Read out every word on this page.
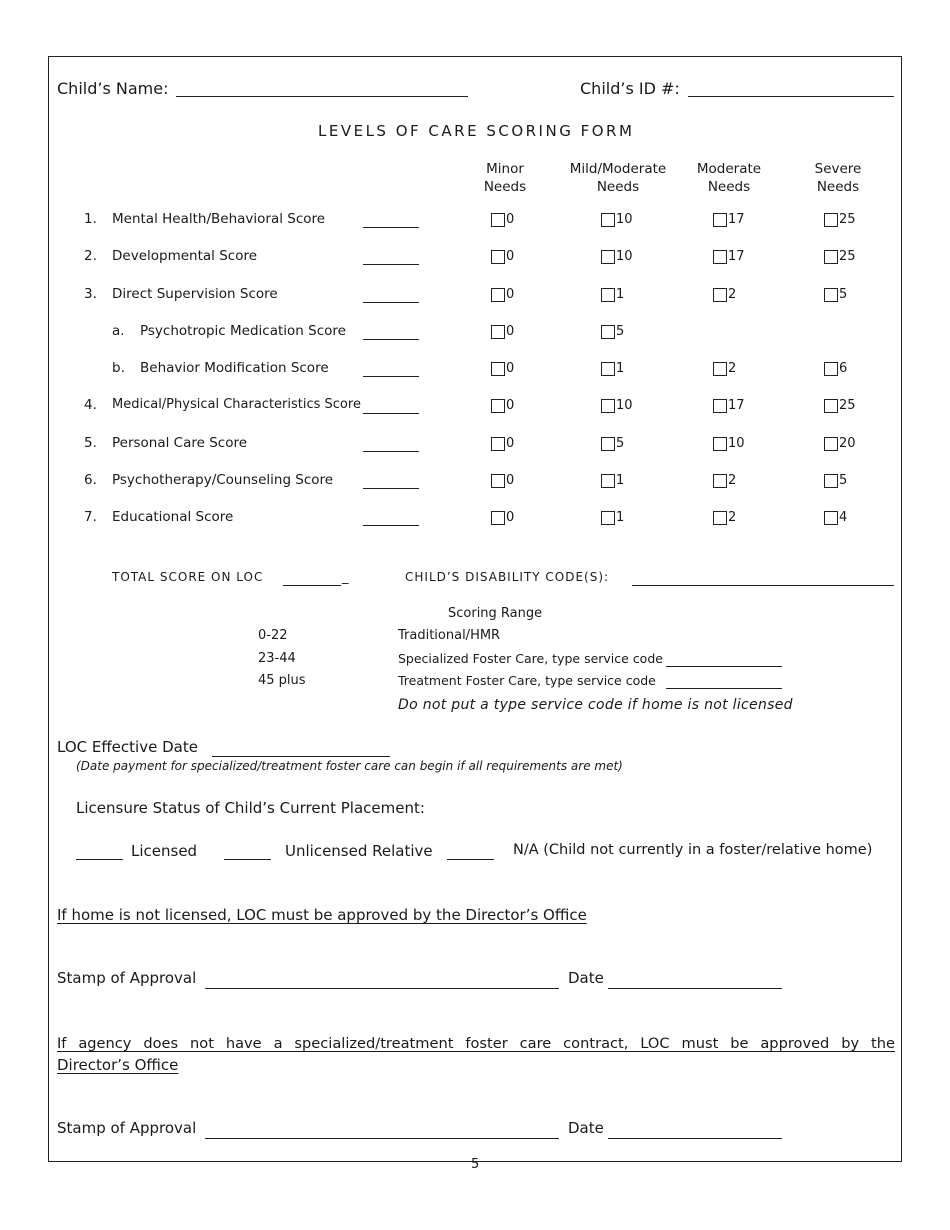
Child’s Name:	Child’s ID #:
LEVELS OF CARE SCORING FORM
Minor
Needs
Mild/Moderate
Needs
Moderate
Needs
Severe
Needs
1. Mental Health/Behavioral Score	0	10	17	25
2. Developmental Score	0	10	17	25
3. Direct Supervision Score	0	1	2	5
a. Psychotropic Medication Score	0	5
b. Behavior Modification Score	0	1	2	6
4. Medical/Physical Characteristics Score	0	10	17	25
5. Personal Care Score	0	5	10	20
6. Psychotherapy/Counseling Score	0	1	2	5
7. Educational Score	0	1	2	4
TOTAL SCORE ON LOC	_	CHILD’S DISABILITY CODE(S):
Scoring Range
0-22	Traditional/HMR
23-44	Specialized Foster Care, type service code
45 plus	Treatment Foster Care, type service code
Do not put a type service code if home is not licensed
LOC Effective Date
(Date payment for specialized/treatment foster care can begin if all requirements are met)
Licensure Status of Child’s Current Placement:
Licensed	Unlicensed Relative	N/A (Child not currently in a foster/relative home)
If home is not licensed, LOC must be approved by the Director’s Office
Stamp of Approval	Date
If agency does not have a specialized/treatment foster care contract, LOC must be approved by the
Director’s Office
Stamp of Approval	Date
5
